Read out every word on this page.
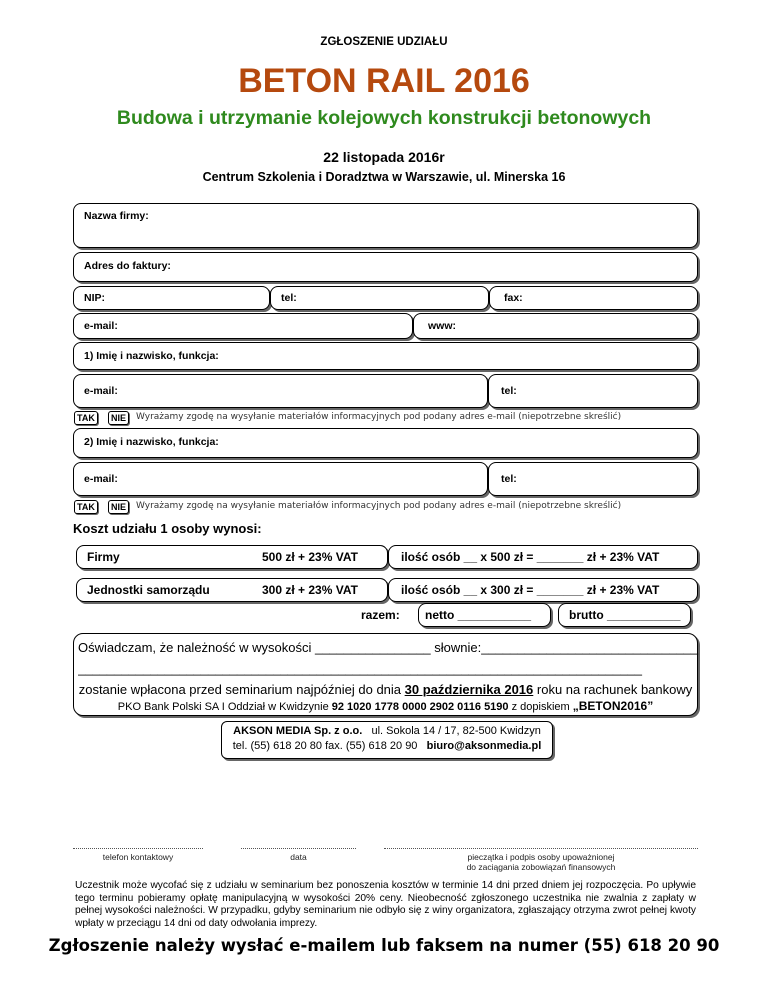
ZGŁOSZENIE UDZIAŁU
BETON RAIL 2016
Budowa i utrzymanie kolejowych konstrukcji betonowych
22 listopada 2016r
Centrum Szkolenia i Doradztwa w Warszawie, ul. Minerska 16
Nazwa firmy:
Adres do faktury:
NIP:	tel:	fax:
e-mail:	www:
1) Imię i nazwisko, funkcja:
e-mail:	tel:
TAK	NIE	Wyrażamy zgodę na wysyłanie materiałów informacyjnych pod podany adres e-mail (niepotrzebne skreślić)
2) Imię i nazwisko, funkcja:
e-mail:	tel:
TAK	NIE	Wyrażamy zgodę na wysyłanie materiałów informacyjnych pod podany adres e-mail (niepotrzebne skreślić)
Koszt udziału 1 osoby wynosi:
Firmy	500 zł + 23% VAT	ilość osób __ x 500 zł = _______ zł + 23% VAT
Jednostki samorządu	300 zł + 23% VAT	ilość osób __ x 300 zł = _______ zł + 23% VAT
razem: netto ___________	brutto ___________
Oświadczam, że należność w wysokości ________________ słownie:______________________________
______________________________________________________________________________
zostanie wpłacona przed seminarium najpóźniej do dnia 30 października 2016 roku na rachunek bankowy
PKO Bank Polski SA I Oddział w Kwidzynie 92 1020 1778 0000 2902 0116 5190 z dopiskiem „BETON2016”
AKSON MEDIA Sp. z o.o. ul. Sokola 14 / 17, 82-500 Kwidzyn
tel. (55) 618 20 80 fax. (55) 618 20 90 biuro@aksonmedia.pl
telefon kontaktowy	data	pieczątka i podpis osoby upoważnionej
do zaciągania zobowiązań finansowych
Uczestnik może wycofać się z udziału w seminarium bez ponoszenia kosztów w terminie 14 dni przed dniem jej rozpoczęcia. Po upływie tego terminu pobieramy opłatę manipulacyjną w wysokości 20% ceny. Nieobecność zgłoszonego uczestnika nie zwalnia z zapłaty w pełnej wysokości należności. W przypadku, gdyby seminarium nie odbyło się z winy organizatora, zgłaszający otrzyma zwrot pełnej kwoty wpłaty w przeciągu 14 dni od daty odwołania imprezy.
Zgłoszenie należy wysłać e-mailem lub faksem na numer (55) 618 20 90
